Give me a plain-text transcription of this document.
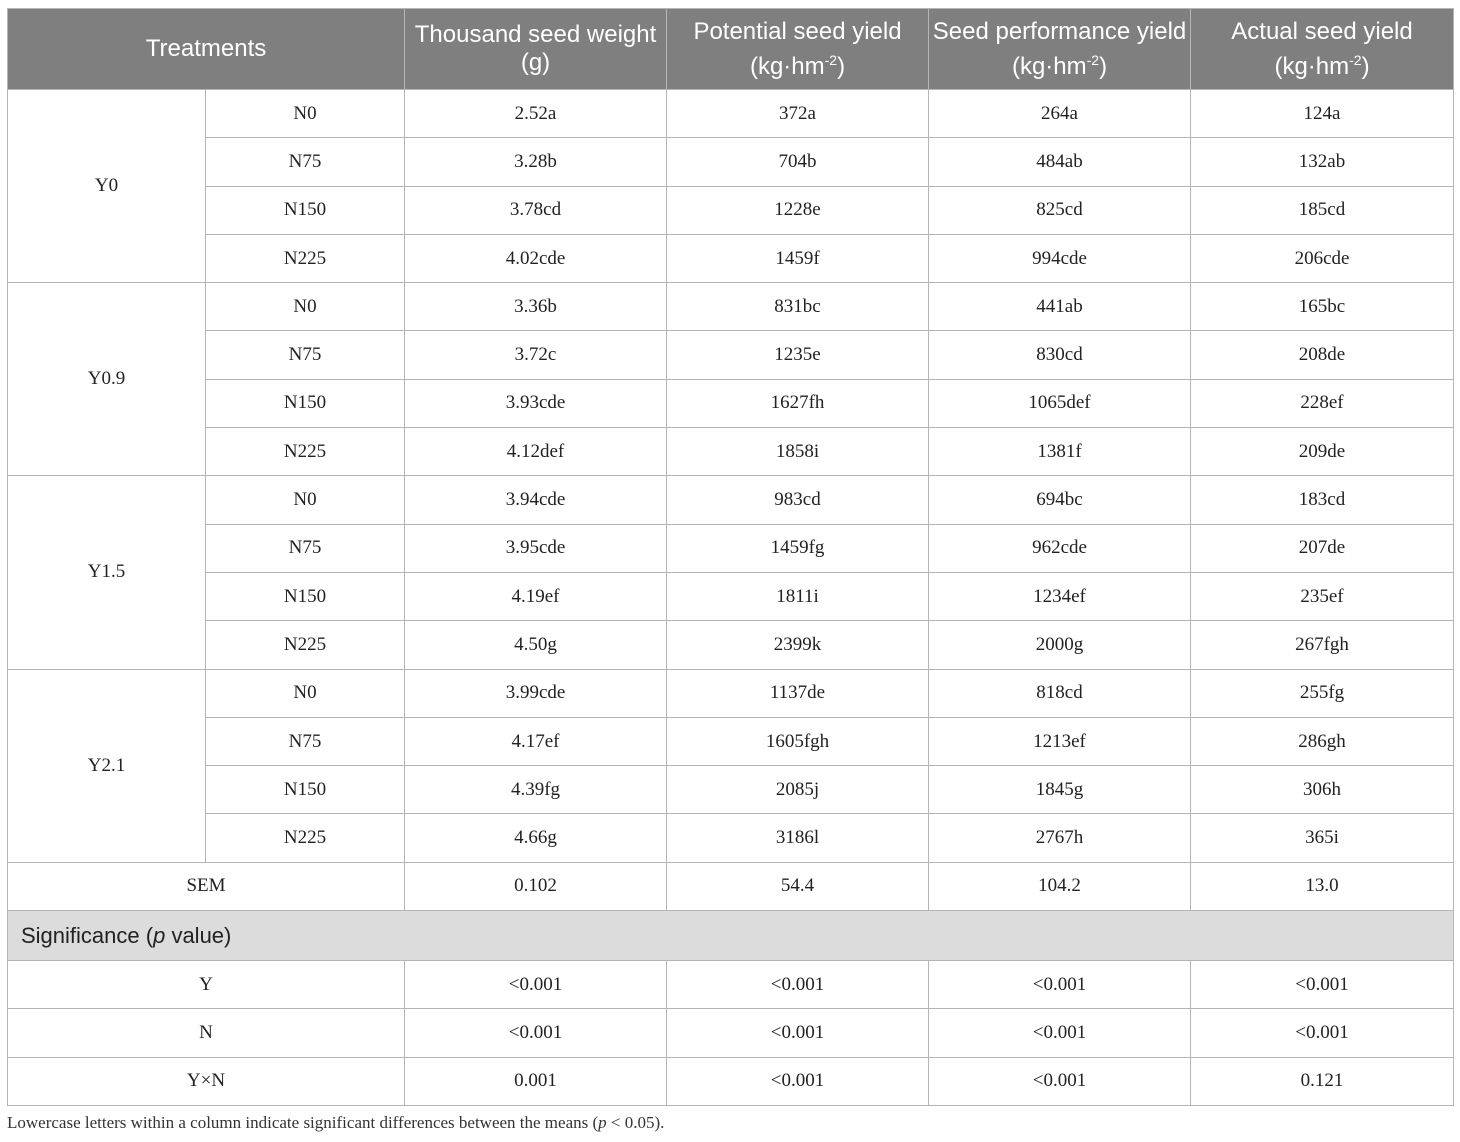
Treatments		Thousand seed weight (g)	Potential seed yield $(kg\cdot hm^{-2})$	Seed performance yield $(kg\cdot hm^{-2})$	Actual seed yield $(kg\cdot hm^{-2})$
Y0	N0	2.52a	372a	264a	124a
	N75	3.28b	704b	484ab	132ab
	N150	3.78cd	1228e	825cd	185cd
	N225	4.02cde	1459f	994cde	206cde
Y0.9	N0	3.36b	831bc	441ab	165bc
	N75	3.72c	1235e	830cd	208de
	N150	3.93cde	1627fh	1065def	228ef
	N225	4.12def	1858i	1381f	209de
Y1.5	N0	3.94cde	983cd	694bc	183cd
	N75	3.95cde	1459fg	962cde	207de
	N150	4.19ef	1811i	1234ef	235ef
	N225	4.50g	2399k	2000g	267fgh
Y2.1	N0	3.99cde	1137de	818cd	255fg
	N75	4.17ef	1605fgh	1213ef	286gh
	N150	4.39fg	2085j	1845g	306h
	N225	4.66g	3186l	2767h	365i
SEM		0.102	54.4	104.2	13.0
Significance (p value)					
Y		<0.001	<0.001	<0.001	<0.001
N		<0.001	<0.001	<0.001	<0.001
Y×N		0.001	<0.001	<0.001	0.121
Lowercase letters within a column indicate significant differences between the means (p < 0.05).
